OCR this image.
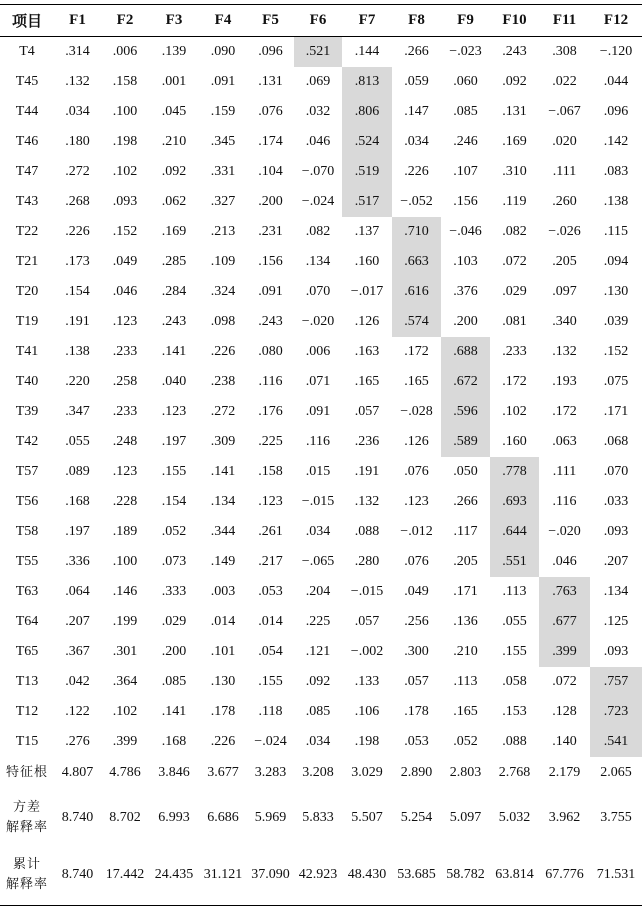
项目	F1	F2	F3	F4	F5	F6	F7	F8	F9	F10	F11	F12
T4	.314	.006	.139	.090	.096	.521	.144	.266	−.023	.243	.308	−.120
T45	.132	.158	.001	.091	.131	.069	.813	.059	.060	.092	.022	.044
T44	.034	.100	.045	.159	.076	.032	.806	.147	.085	.131	−.067	.096
T46	.180	.198	.210	.345	.174	.046	.524	.034	.246	.169	.020	.142
T47	.272	.102	.092	.331	.104	−.070	.519	.226	.107	.310	.111	.083
T43	.268	.093	.062	.327	.200	−.024	.517	−.052	.156	.119	.260	.138
T22	.226	.152	.169	.213	.231	.082	.137	.710	−.046	.082	−.026	.115
T21	.173	.049	.285	.109	.156	.134	.160	.663	.103	.072	.205	.094
T20	.154	.046	.284	.324	.091	.070	−.017	.616	.376	.029	.097	.130
T19	.191	.123	.243	.098	.243	−.020	.126	.574	.200	.081	.340	.039
T41	.138	.233	.141	.226	.080	.006	.163	.172	.688	.233	.132	.152
T40	.220	.258	.040	.238	.116	.071	.165	.165	.672	.172	.193	.075
T39	.347	.233	.123	.272	.176	.091	.057	−.028	.596	.102	.172	.171
T42	.055	.248	.197	.309	.225	.116	.236	.126	.589	.160	.063	.068
T57	.089	.123	.155	.141	.158	.015	.191	.076	.050	.778	.111	.070
T56	.168	.228	.154	.134	.123	−.015	.132	.123	.266	.693	.116	.033
T58	.197	.189	.052	.344	.261	.034	.088	−.012	.117	.644	−.020	.093
T55	.336	.100	.073	.149	.217	−.065	.280	.076	.205	.551	.046	.207
T63	.064	.146	.333	.003	.053	.204	−.015	.049	.171	.113	.763	.134
T64	.207	.199	.029	.014	.014	.225	.057	.256	.136	.055	.677	.125
T65	.367	.301	.200	.101	.054	.121	−.002	.300	.210	.155	.399	.093
T13	.042	.364	.085	.130	.155	.092	.133	.057	.113	.058	.072	.757
T12	.122	.102	.141	.178	.118	.085	.106	.178	.165	.153	.128	.723
T15	.276	.399	.168	.226	−.024	.034	.198	.053	.052	.088	.140	.541

特征根	4.807	4.786	3.846	3.677	3.283	3.208	3.029	2.890	2.803	2.768	2.179	2.065

方差
解释率	8.740	8.702	6.993	6.686	5.969	5.833	5.507	5.254	5.097	5.032	3.962	3.755

累计
解释率	8.740	17.442	24.435	31.121	37.090	42.923	48.430	53.685	58.782	63.814	67.776	71.531
